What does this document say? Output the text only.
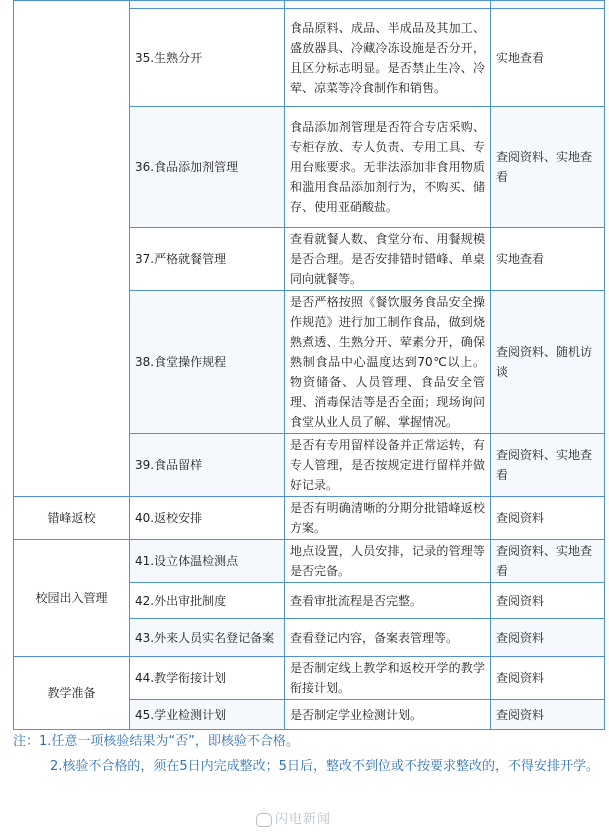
	35.生熟分开	食品原料、成品、半成品及其加工、盛放器具、冷藏冷冻设施是否分开，且区分标志明显。是否禁止生冷、冷荤、凉菜等冷食制作和销售。	实地查看
	36.食品添加剂管理	食品添加剂管理是否符合专店采购、专柜存放、专人负责、专用工具、专用台账要求。无非法添加非食用物质和滥用食品添加剂行为，不购买、储存、使用亚硝酸盐。	查阅资料、实地查看
	37.严格就餐管理	查看就餐人数、食堂分布、用餐规模是否合理。是否安排错时错峰、单桌同向就餐等。	实地查看
	38.食堂操作规程	是否严格按照《餐饮服务食品安全操作规范》进行加工制作食品，做到烧熟煮透、生熟分开、荤素分开，确保熟制食品中心温度达到70℃以上。物资储备、人员管理、食品安全管理、消毒保洁等是否全面；现场询问食堂从业人员了解、掌握情况。	查阅资料、随机访谈
	39.食品留样	是否有专用留样设备并正常运转，有专人管理，是否按规定进行留样并做好记录。	查阅资料、实地查看
错峰返校	40.返校安排	是否有明确清晰的分期分批错峰返校方案。	查阅资料
校园出入管理	41.设立体温检测点	地点设置，人员安排，记录的管理等是否完备。	查阅资料、实地查看
	42.外出审批制度	查看审批流程是否完整。	查阅资料
	43.外来人员实名登记备案	查看登记内容，备案表管理等。	查阅资料
教学准备	44.教学衔接计划	是否制定线上教学和返校开学的教学衔接计划。	查阅资料
	45.学业检测计划	是否制定学业检测计划。	查阅资料

注：1.任意一项核验结果为“否”，即核验不合格。

2.核验不合格的，须在5日内完成整改；5日后，整改不到位或不按要求整改的，不得安排开学。

闪电新闻
